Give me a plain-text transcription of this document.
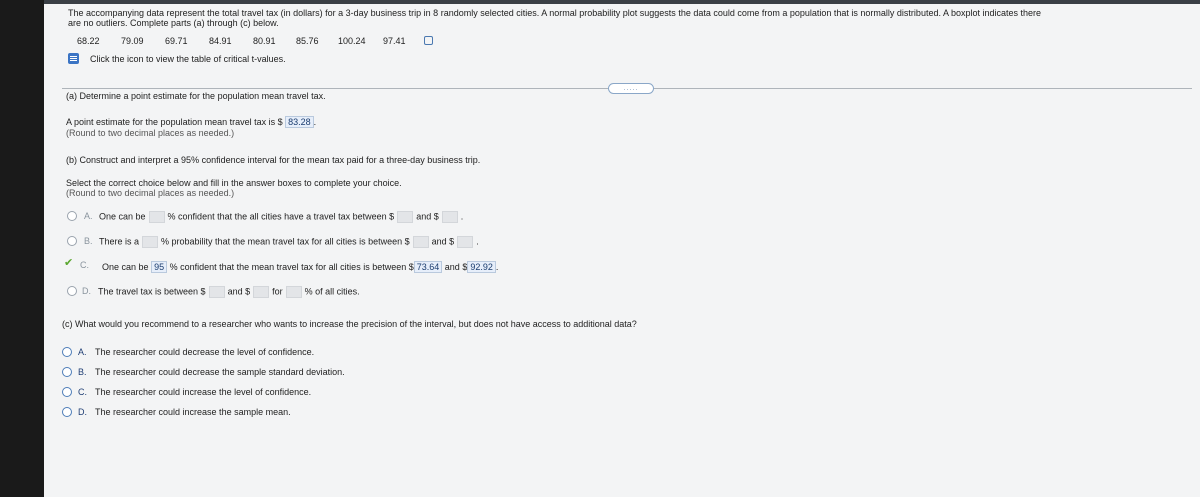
The accompanying data represent the total travel tax (in dollars) for a 3-day business trip in 8 randomly selected cities. A normal probability plot suggests the data could come from a population that is normally distributed. A boxplot indicates there
are no outliers. Complete parts (a) through (c) below.
68.22 79.09 69.71 84.91 80.91 85.76 100.24 97.41
Click the icon to view the table of critical t-values.
.....
(a) Determine a point estimate for the population mean travel tax.
A point estimate for the population mean travel tax is $ 83.28 .
(Round to two decimal places as needed.)
(b) Construct and interpret a 95% confidence interval for the mean tax paid for a three-day business trip.
Select the correct choice below and fill in the answer boxes to complete your choice.
(Round to two decimal places as needed.)
A. One can be % confident that the all cities have a travel tax between $ and $ .
B. There is a % probability that the mean travel tax for all cities is between $ and $ .
✔ C. One can be 95 % confident that the mean travel tax for all cities is between $ 73.64 and $ 92.92 .
D. The travel tax is between $ and $ for % of all cities.
(c) What would you recommend to a researcher who wants to increase the precision of the interval, but does not have access to additional data?
A. The researcher could decrease the level of confidence.
B. The researcher could decrease the sample standard deviation.
C. The researcher could increase the level of confidence.
D. The researcher could increase the sample mean.
